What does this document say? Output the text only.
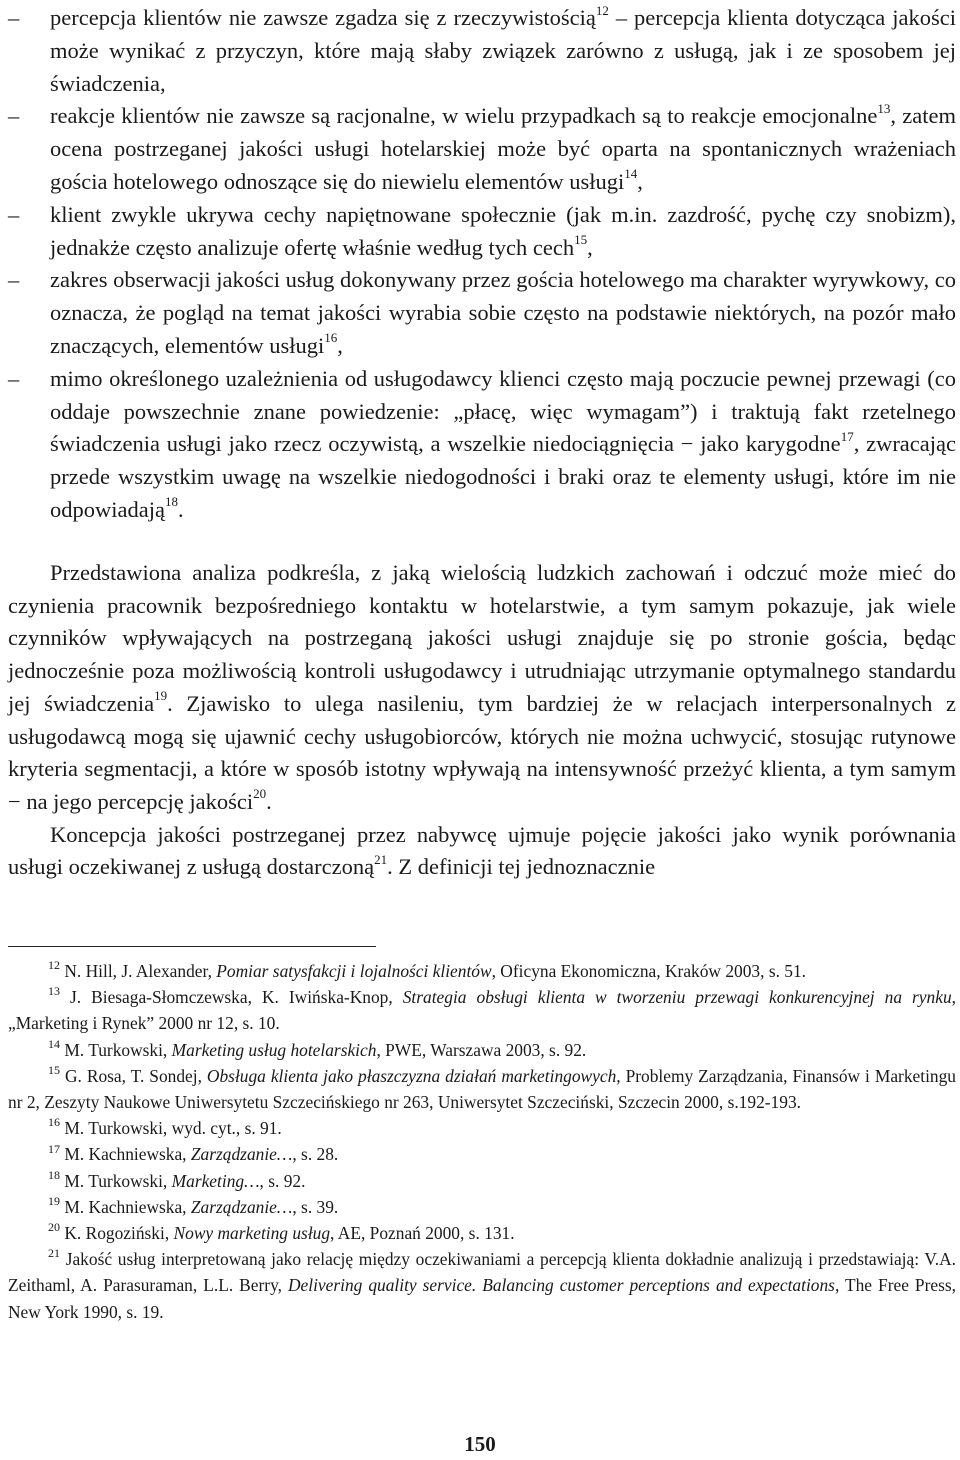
– percepcja klientów nie zawsze zgadza się z rzeczywistością$^{12}$ – percepcja klienta dotycząca jakości może wynikać z przyczyn, które mają słaby związek zarówno z usługą, jak i ze sposobem jej świadczenia,
– reakcje klientów nie zawsze są racjonalne, w wielu przypadkach są to reakcje emocjonalne$^{13}$, zatem ocena postrzeganej jakości usługi hotelarskiej może być oparta na spontanicznych wrażeniach gościa hotelowego odnoszące się do niewielu elementów usługi$^{14}$,
– klient zwykle ukrywa cechy napiętnowane społecznie (jak m.in. zazdrość, pychę czy snobizm), jednakże często analizuje ofertę właśnie według tych cech$^{15}$,
– zakres obserwacji jakości usług dokonywany przez gościa hotelowego ma charakter wyrywkowy, co oznacza, że pogląd na temat jakości wyrabia sobie często na podstawie niektórych, na pozór mało znaczących, elementów usługi$^{16}$,
– mimo określonego uzależnienia od usługodawcy klienci często mają poczucie pewnej przewagi (co oddaje powszechnie znane powiedzenie: „płacę, więc wymagam”) i traktują fakt rzetelnego świadczenia usługi jako rzecz oczywistą, a wszelkie niedociągnięcia − jako karygodne$^{17}$, zwracając przede wszystkim uwagę na wszelkie niedogodności i braki oraz te elementy usługi, które im nie odpowiadają$^{18}$.

Przedstawiona analiza podkreśla, z jaką wielością ludzkich zachowań i odczuć może mieć do czynienia pracownik bezpośredniego kontaktu w hotelarstwie, a tym samym pokazuje, jak wiele czynników wpływających na postrzeganą jakości usługi znajduje się po stronie gościa, będąc jednocześnie poza możliwością kontroli usługodawcy i utrudniając utrzymanie optymalnego standardu jej świadczenia$^{19}$. Zjawisko to ulega nasileniu, tym bardziej że w relacjach interpersonalnych z usługodawcą mogą się ujawnić cechy usługobiorców, których nie można uchwycić, stosując rutynowe kryteria segmentacji, a które w sposób istotny wpływają na intensywność przeżyć klienta, a tym samym − na jego percepcję jakości$^{20}$.

Koncepcja jakości postrzeganej przez nabywcę ujmuje pojęcie jakości jako wynik porównania usługi oczekiwanej z usługą dostarczoną$^{21}$. Z definicji tej jednoznacznie

$^{12}$ N. Hill, J. Alexander, Pomiar satysfakcji i lojalności klientów, Oficyna Ekonomiczna, Kraków 2003, s. 51.

$^{13}$ J. Biesaga-Słomczewska, K. Iwińska-Knop, Strategia obsługi klienta w tworzeniu przewagi konkurencyjnej na rynku, „Marketing i Rynek” 2000 nr 12, s. 10.

$^{14}$ M. Turkowski, Marketing usług hotelarskich, PWE, Warszawa 2003, s. 92.

$^{15}$ G. Rosa, T. Sondej, Obsługa klienta jako płaszczyzna działań marketingowych, Problemy Zarządzania, Finansów i Marketingu nr 2, Zeszyty Naukowe Uniwersytetu Szczecińskiego nr 263, Uniwersytet Szczeciński, Szczecin 2000, s.192-193.

$^{16}$ M. Turkowski, wyd. cyt., s. 91.

$^{17}$ M. Kachniewska, Zarządzanie…, s. 28.

$^{18}$ M. Turkowski, Marketing…, s. 92.

$^{19}$ M. Kachniewska, Zarządzanie…, s. 39.

$^{20}$ K. Rogoziński, Nowy marketing usług, AE, Poznań 2000, s. 131.

$^{21}$ Jakość usług interpretowaną jako relację między oczekiwaniami a percepcją klienta dokładnie analizują i przedstawiają: V.A. Zeithaml, A. Parasuraman, L.L. Berry, Delivering quality service. Balancing customer perceptions and expectations, The Free Press, New York 1990, s. 19.

150
